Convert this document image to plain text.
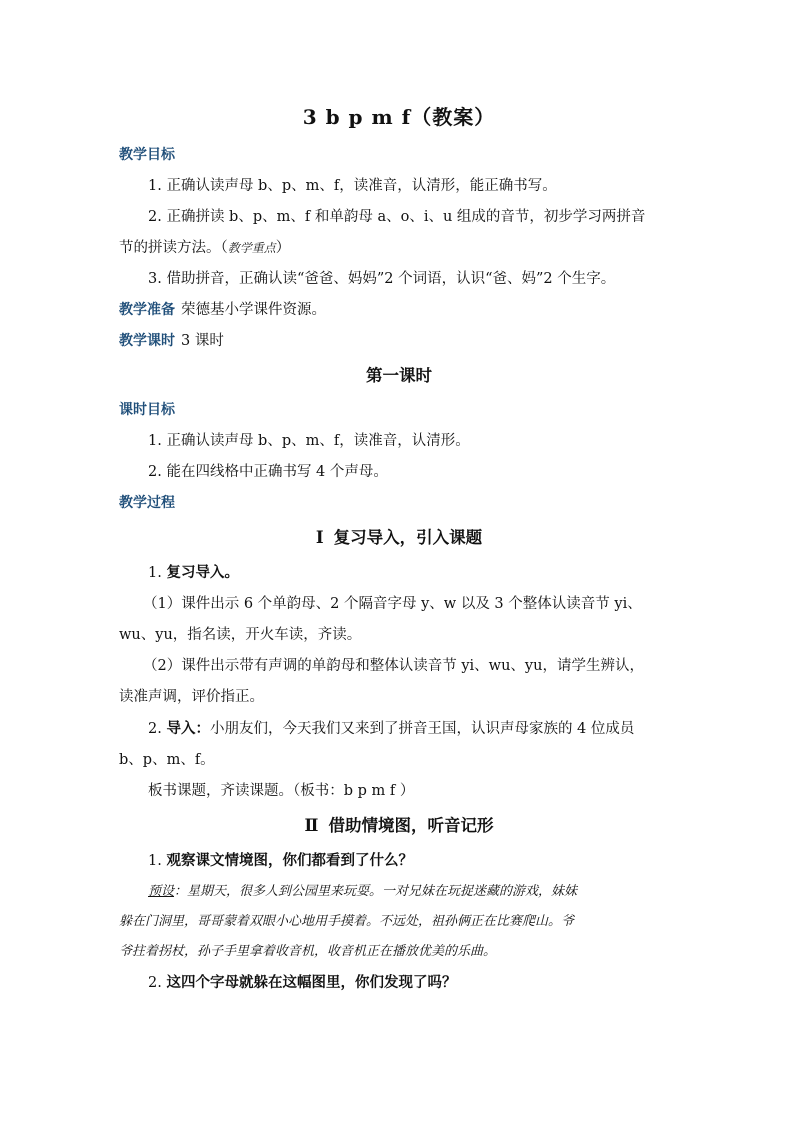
3 b p m f（教案）

教学目标

1. 正确认读声母 b、p、m、f，读准音，认清形，能正确书写。

2. 正确拼读 b、p、m、f 和单韵母 a、o、i、u 组成的音节，初步学习两拼音

节的拼读方法。（教学重点）

3. 借助拼音，正确认读“爸爸、妈妈”2 个词语，认识“爸、妈”2 个生字。

教学准备 荣德基小学课件资源。

教学课时 3 课时

第一课时

课时目标

1. 正确认读声母 b、p、m、f，读准音，认清形。

2. 能在四线格中正确书写 4 个声母。

教学过程

Ⅰ 复习导入，引入课题

1. 复习导入。

（1）课件出示 6 个单韵母、2 个隔音字母 y、w 以及 3 个整体认读音节 yi、

wu、yu，指名读，开火车读，齐读。

（2）课件出示带有声调的单韵母和整体认读音节 yi、wu、yu，请学生辨认，

读准声调，评价指正。

2. 导入：小朋友们，今天我们又来到了拼音王国，认识声母家族的 4 位成员

b、p、m、f。

板书课题，齐读课题。（板书：b p m f ）

Ⅱ 借助情境图，听音记形

1. 观察课文情境图，你们都看到了什么？

预设：星期天，很多人到公园里来玩耍。一对兄妹在玩捉迷藏的游戏，妹妹

躲在门洞里，哥哥蒙着双眼小心地用手摸着。不远处，祖孙俩正在比赛爬山。爷

爷拄着拐杖，孙子手里拿着收音机，收音机正在播放优美的乐曲。

2. 这四个字母就躲在这幅图里，你们发现了吗？
